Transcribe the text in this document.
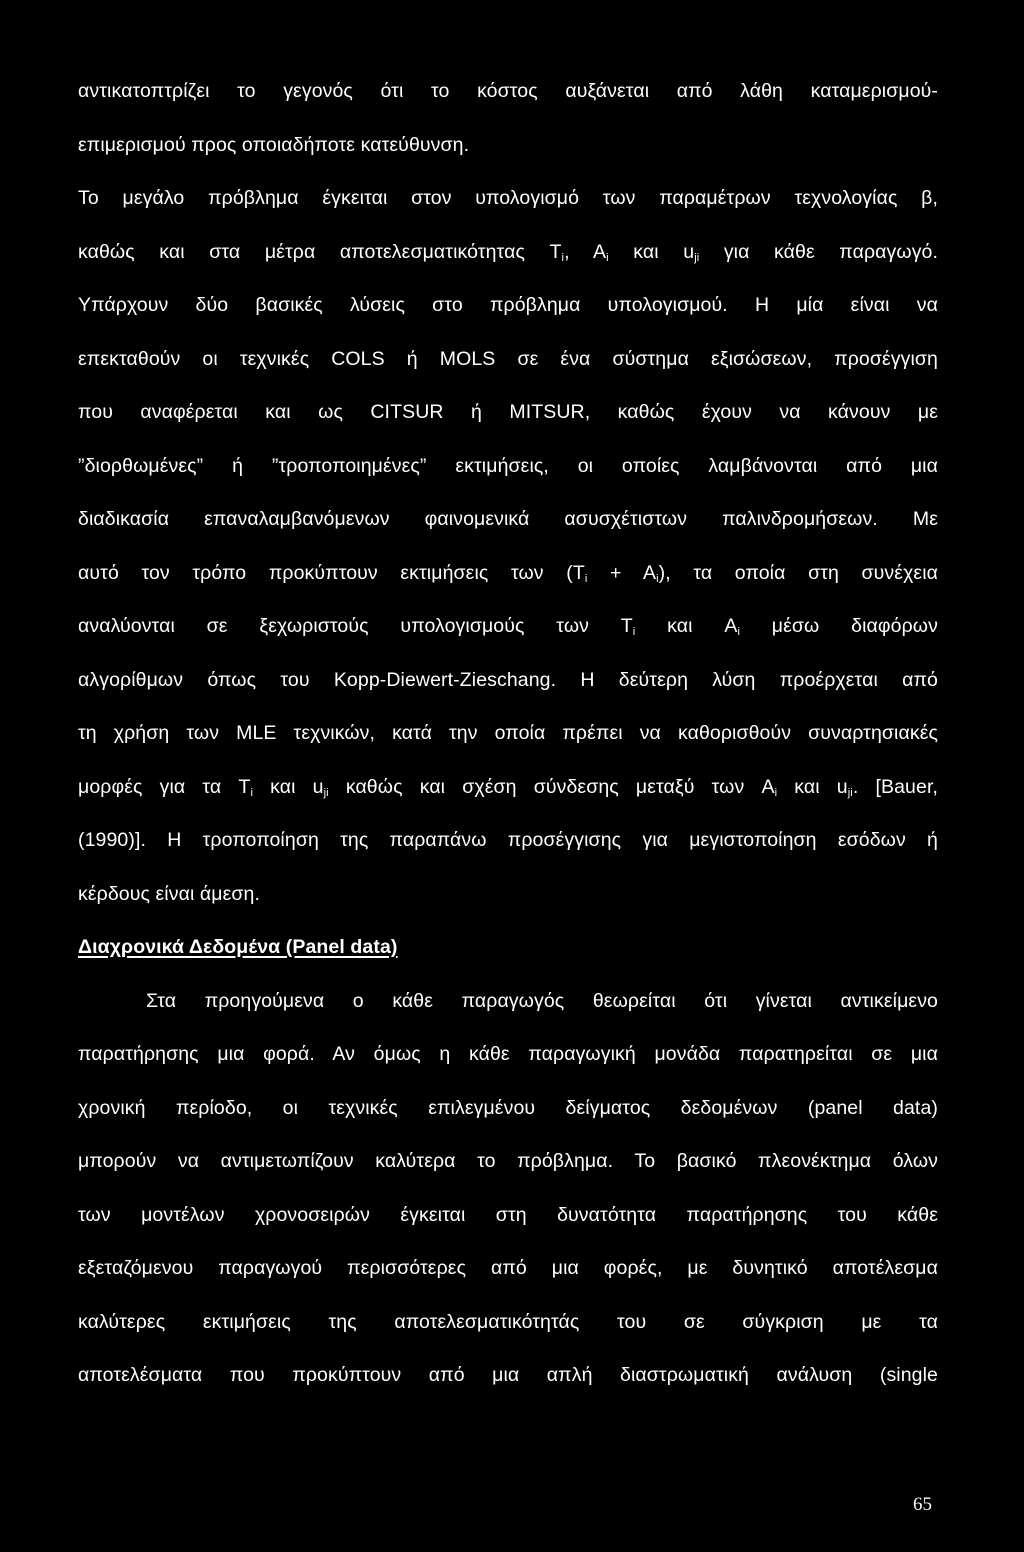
αντικατοπτρίζει το γεγονός ότι το κόστος αυξάνεται από λάθη καταμερισμού-
επιμερισμού προς οποιαδήποτε κατεύθυνση.
Το μεγάλο πρόβλημα έγκειται στον υπολογισμό των παραμέτρων τεχνολογίας β,
καθώς και στα μέτρα αποτελεσματικότητας $T_i$, $A_i$ και $u_{ji}$ για κάθε παραγωγό.
Υπάρχουν δύο βασικές λύσεις στο πρόβλημα υπολογισμού. Η μία είναι να
επεκταθούν οι τεχνικές COLS ή MOLS σε ένα σύστημα εξισώσεων, προσέγγιση
που αναφέρεται και ως CITSUR ή MITSUR, καθώς έχουν να κάνουν με
”διορθωμένες” ή ”τροποποιημένες” εκτιμήσεις, οι οποίες λαμβάνονται από μια
διαδικασία επαναλαμβανόμενων φαινομενικά ασυσχέτιστων παλινδρομήσεων. Με
αυτό τον τρόπο προκύπτουν εκτιμήσεις των $(T_i + A_i)$, τα οποία στη συνέχεια
αναλύονται σε ξεχωριστούς υπολογισμούς των $T_i$ και $A_i$ μέσω διαφόρων
αλγορίθμων όπως του Kopp-Diewert-Zieschang. Η δεύτερη λύση προέρχεται από
τη χρήση των MLE τεχνικών, κατά την οποία πρέπει να καθορισθούν συναρτησιακές
μορφές για τα $T_i$ και $u_{ji}$ καθώς και σχέση σύνδεσης μεταξύ των $A_i$ και $u_{ji}$. [Bauer,
(1990)]. Η τροποποίηση της παραπάνω προσέγγισης για μεγιστοποίηση εσόδων ή
κέρδους είναι άμεση.
Διαχρονικά Δεδομένα (Panel data)
Στα προηγούμενα ο κάθε παραγωγός θεωρείται ότι γίνεται αντικείμενο
παρατήρησης μια φορά. Αν όμως η κάθε παραγωγική μονάδα παρατηρείται σε μια
χρονική περίοδο, οι τεχνικές επιλεγμένου δείγματος δεδομένων (panel data)
μπορούν να αντιμετωπίζουν καλύτερα το πρόβλημα. Το βασικό πλεονέκτημα όλων
των μοντέλων χρονοσειρών έγκειται στη δυνατότητα παρατήρησης του κάθε
εξεταζόμενου παραγωγού περισσότερες από μια φορές, με δυνητικό αποτέλεσμα
καλύτερες εκτιμήσεις της αποτελεσματικότητάς του σε σύγκριση με τα
αποτελέσματα που προκύπτουν από μια απλή διαστρωματική ανάλυση (single
65
